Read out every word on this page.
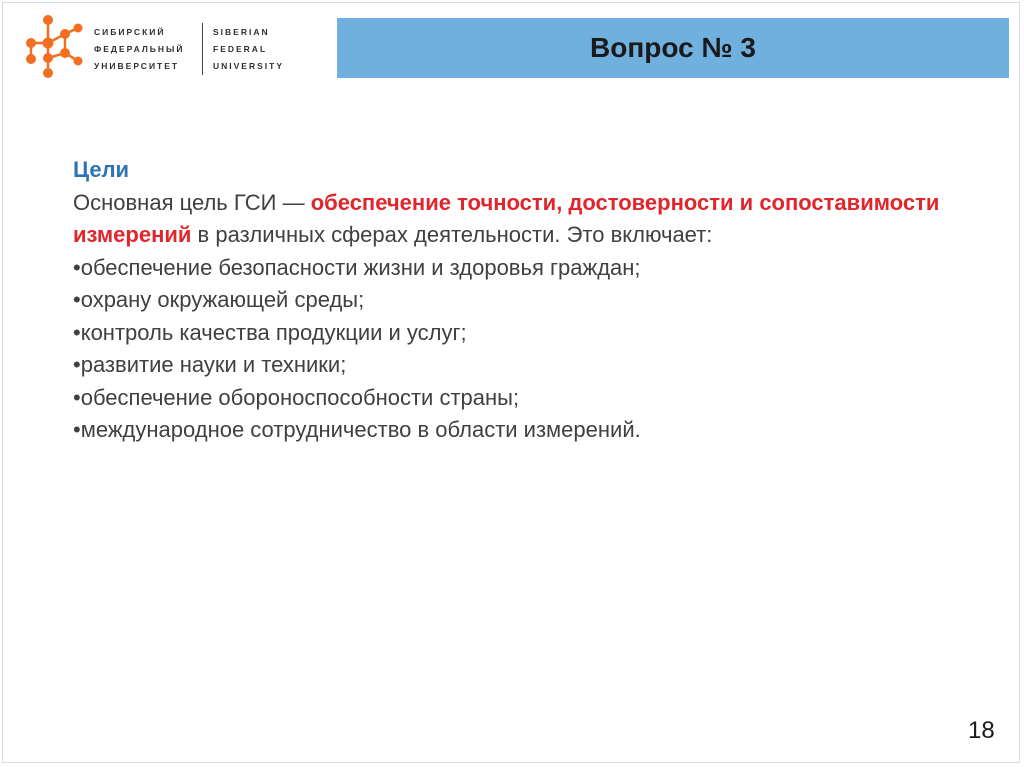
СИБИРСКИЙ
ФЕДЕРАЛЬНЫЙ
УНИВЕРСИТЕТ
SIBERIAN
FEDERAL
UNIVERSITY
Вопрос № 3

Цели

Основная цель ГСИ — обеспечение точности, достоверности и сопоставимости измерений в различных сферах деятельности. Это включает:

•обеспечение безопасности жизни и здоровья граждан;

•охрану окружающей среды;

•контроль качества продукции и услуг;

•развитие науки и техники;

•обеспечение обороноспособности страны;

•международное сотрудничество в области измерений.

18
